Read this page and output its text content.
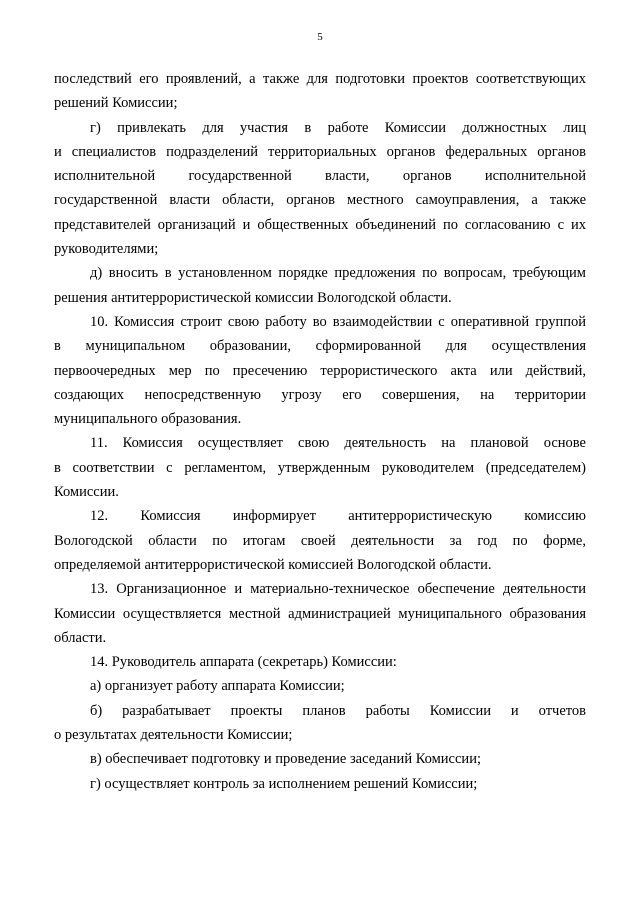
5

последствий его проявлений, а также для подготовки проектов соответствующих
решений Комиссии;

г) привлекать для участия в работе Комиссии должностных лиц
и специалистов подразделений территориальных органов федеральных органов
исполнительной государственной власти, органов исполнительной
государственной власти области, органов местного самоуправления, а также
представителей организаций и общественных объединений по согласованию с их
руководителями;

д) вносить в установленном порядке предложения по вопросам, требующим
решения антитеррористической комиссии Вологодской области.

10. Комиссия строит свою работу во взаимодействии с оперативной группой
в муниципальном образовании, сформированной для осуществления
первоочередных мер по пресечению террористического акта или действий,
создающих непосредственную угрозу его совершения, на территории
муниципального образования.

11. Комиссия осуществляет свою деятельность на плановой основе
в соответствии с регламентом, утвержденным руководителем (председателем)
Комиссии.

12. Комиссия информирует антитеррористическую комиссию
Вологодской области по итогам своей деятельности за год по форме,
определяемой антитеррористической комиссией Вологодской области.

13. Организационное и материально-техническое обеспечение деятельности
Комиссии осуществляется местной администрацией муниципального образования
области.

14. Руководитель аппарата (секретарь) Комиссии:

а) организует работу аппарата Комиссии;

б) разрабатывает проекты планов работы Комиссии и отчетов
о результатах деятельности Комиссии;

в) обеспечивает подготовку и проведение заседаний Комиссии;

г) осуществляет контроль за исполнением решений Комиссии;
